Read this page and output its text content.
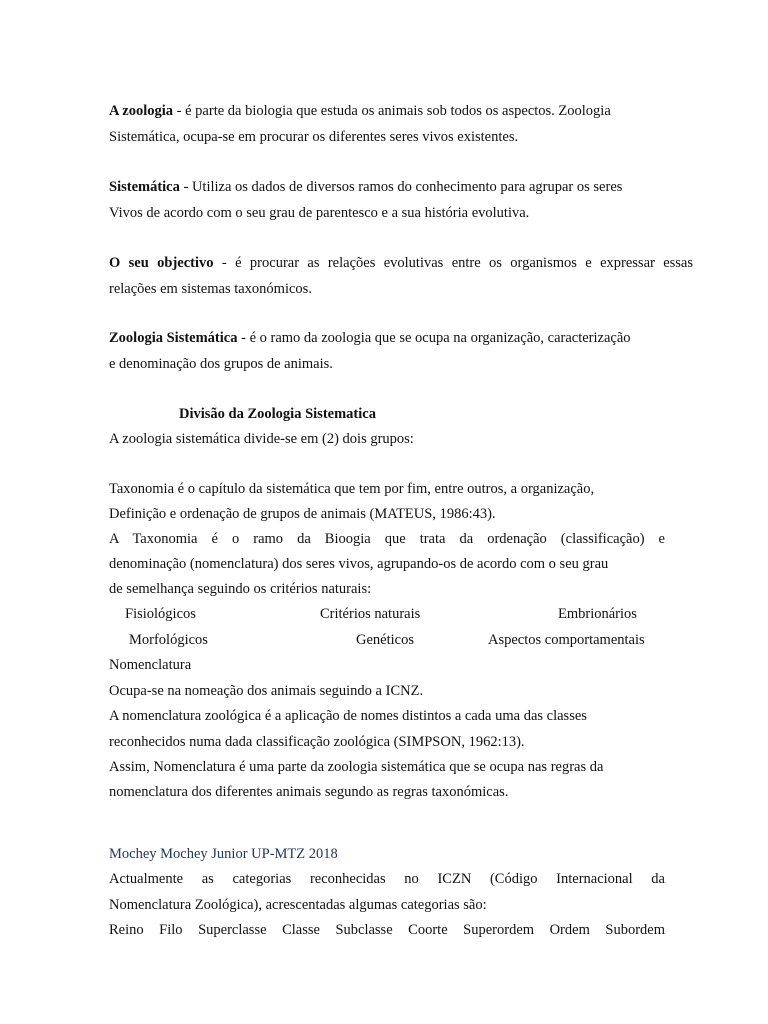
A zoologia - é parte da biologia que estuda os animais sob todos os aspectos. Zoologia
Sistemática, ocupa-se em procurar os diferentes seres vivos existentes.
Sistemática - Utiliza os dados de diversos ramos do conhecimento para agrupar os seres
Vivos de acordo com o seu grau de parentesco e a sua história evolutiva.
O seu objectivo - é procurar as relações evolutivas entre os organismos e expressar essas
relações em sistemas taxonómicos.
Zoologia Sistemática - é o ramo da zoologia que se ocupa na organização, caracterização
e denominação dos grupos de animais.
Divisão da Zoologia Sistematica
A zoologia sistemática divide-se em (2) dois grupos:
Taxonomia é o capítulo da sistemática que tem por fim, entre outros, a organização,
Definição e ordenação de grupos de animais (MATEUS, 1986:43).
A Taxonomia é o ramo da Bioogia que trata da ordenação (classificação) e
denominação (nomenclatura) dos seres vivos, agrupando-os de acordo com o seu grau
de semelhança seguindo os critérios naturais:
Fisiológicos	Critérios naturais	Embrionários
Morfológicos	Genéticos	Aspectos comportamentais
Nomenclatura
Ocupa-se na nomeação dos animais seguindo a ICNZ.
A nomenclatura zoológica é a aplicação de nomes distintos a cada uma das classes
reconhecidos numa dada classificação zoológica (SIMPSON, 1962:13).
Assim, Nomenclatura é uma parte da zoologia sistemática que se ocupa nas regras da
nomenclatura dos diferentes animais segundo as regras taxonómicas.
Mochey Mochey Junior UP-MTZ 2018
Actualmente as categorias reconhecidas no ICZN (Código Internacional da
Nomenclatura Zoológica), acrescentadas algumas categorias são:
Reino Filo Superclasse Classe Subclasse Coorte Superordem Ordem Subordem
